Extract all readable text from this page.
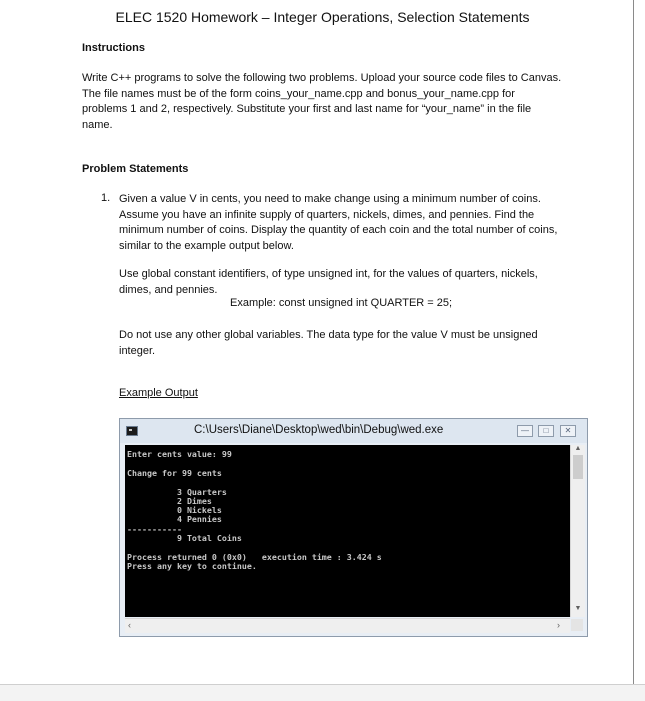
ELEC 1520 Homework – Integer Operations, Selection Statements
Instructions
Write C++ programs to solve the following two problems. Upload your source code files to Canvas. The file names must be of the form coins_your_name.cpp and bonus_your_name.cpp for problems 1 and 2, respectively. Substitute your first and last name for “your_name” in the file name.
Problem Statements
1. Given a value V in cents, you need to make change using a minimum number of coins. Assume you have an infinite supply of quarters, nickels, dimes, and pennies. Find the minimum number of coins. Display the quantity of each coin and the total number of coins, similar to the example output below.
Use global constant identifiers, of type unsigned int, for the values of quarters, nickels, dimes, and pennies.
Example: const unsigned int QUARTER = 25;
Do not use any other global variables. The data type for the value V must be unsigned integer.
Example Output
C:\Users\Diane\Desktop\wed\bin\Debug\wed.exe	—	□	✕

Enter cents value: 99

Change for 99 cents

3 Quarters

2 Dimes

0 Nickels

4 Pennies

-----------

9 Total Coins

Process returned 0 (0x0)   execution time : 3.424 s

Press any key to continue.

▲
▼
‹	›
